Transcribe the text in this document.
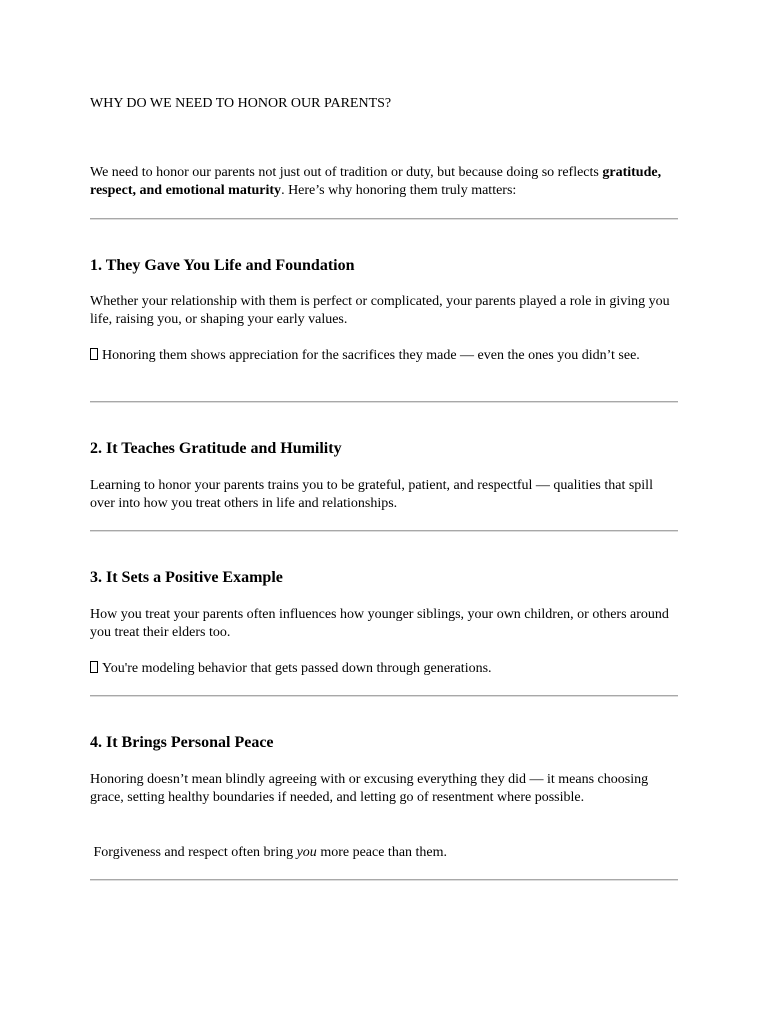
WHY DO WE NEED TO HONOR OUR PARENTS?

We need to honor our parents not just out of tradition or duty, but because doing so reflects gratitude, respect, and emotional maturity. Here’s why honoring them truly matters:

1. They Gave You Life and Foundation

Whether your relationship with them is perfect or complicated, your parents played a role in giving you life, raising you, or shaping your early values.

Honoring them shows appreciation for the sacrifices they made — even the ones you didn’t see.

2. It Teaches Gratitude and Humility

Learning to honor your parents trains you to be grateful, patient, and respectful — qualities that spill over into how you treat others in life and relationships.

3. It Sets a Positive Example

How you treat your parents often influences how younger siblings, your own children, or others around you treat their elders too.

You're modeling behavior that gets passed down through generations.

4. It Brings Personal Peace

Honoring doesn’t mean blindly agreeing with or excusing everything they did — it means choosing grace, setting healthy boundaries if needed, and letting go of resentment where possible.

Forgiveness and respect often bring you more peace than them.
